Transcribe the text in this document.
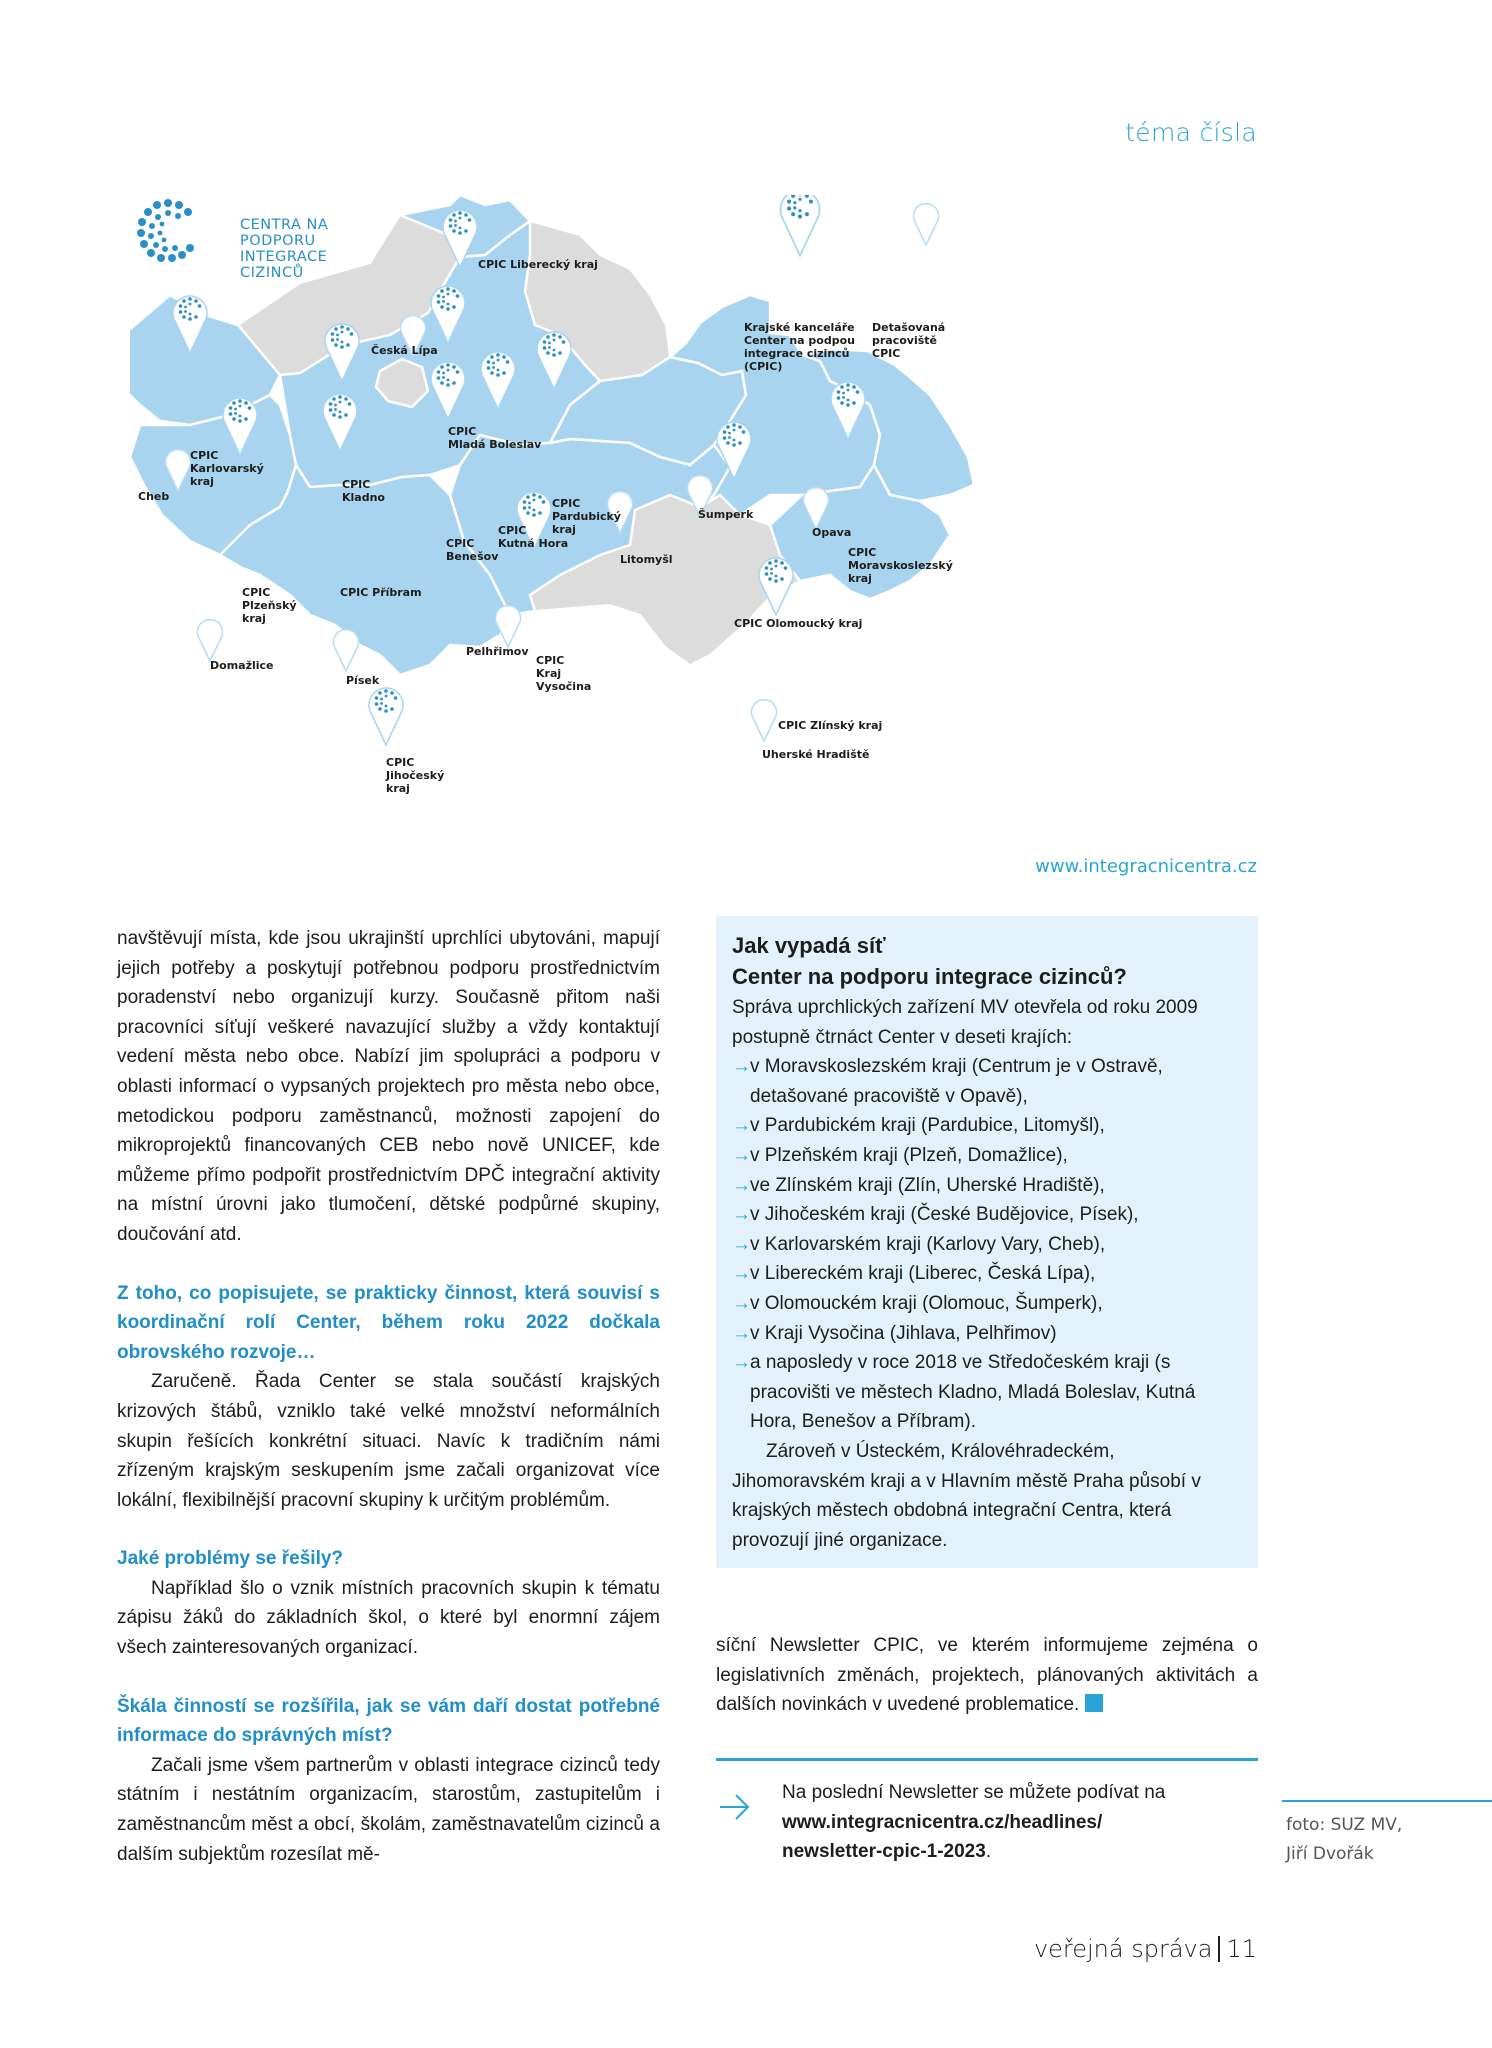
téma čísla
CENTRA NA
PODPORU
INTEGRACE
CIZINCŮ
Krajské kanceláře
Center na podpou
integrace cizinců
(CPIC)
Detašovaná
pracoviště
CPIC
CPIC Liberecký kraj
Česká Lípa
CPIC
Mladá Boleslav
CPIC
Karlovarský
kraj
Cheb
CPIC
Kladno	CPIC
Pardubický
kraj
CPIC
Benešov
CPIC
Kutná Hora
Litomyšl
Šumperk
Opava
CPIC
Moravskoslezský
kraj
CPIC
Plzeňský
kraj
CPIC Příbram
CPIC Olomoucký kraj
Domažlice
Písek
Pelhřimov
CPIC
Kraj
Vysočina
CPIC Zlínský kraj
Uherské Hradiště
CPIC
Jihočeský
kraj
www.integracnicentra.cz

navštěvují místa, kde jsou ukrajinští uprchlíci ubytováni, mapují jejich potřeby a poskytují potřebnou podporu prostřednictvím poradenství nebo organizují kurzy. Současně přitom naši pracovníci síťují veškeré navazující služby a vždy kontaktují vedení města nebo obce. Nabízí jim spolupráci a podporu v oblasti informací o vypsaných projektech pro města nebo obce, metodickou podporu zaměstnanců, možnosti zapojení do mikroprojektů financovaných CEB nebo nově UNICEF, kde můžeme přímo podpořit prostřednictvím DPČ integrační aktivity na místní úrovni jako tlumočení, dětské podpůrné skupiny, doučování atd.

Z toho, co popisujete, se prakticky činnost, která souvisí s koordinační rolí Center, během roku 2022 dočkala obrovského rozvoje…

Zaručeně. Řada Center se stala součástí krajských krizových štábů, vzniklo také velké množství neformálních skupin řešících konkrétní situaci. Navíc k tradičním námi zřízeným krajským seskupením jsme začali organizovat více lokální, flexibilnější pracovní skupiny k určitým problémům.

Jaké problémy se řešily?

Například šlo o vznik místních pracovních skupin k tématu zápisu žáků do základních škol, o které byl enormní zájem všech zainteresovaných organizací.

Škála činností se rozšířila, jak se vám daří dostat potřebné informace do správných míst?

Začali jsme všem partnerům v oblasti integrace cizinců tedy státním i nestátním organizacím, starostům, zastupitelům i zaměstnancům měst a obcí, školám, zaměstnavatelům cizinců a dalším subjektům rozesílat mě-

Jak vypadá síť
Center na podporu integrace cizinců?

Správa uprchlických zařízení MV otevřela od roku 2009 postupně čtrnáct Center v deseti krajích:

→ v Moravskoslezském kraji (Centrum je v Ostravě, detašované pracoviště v Opavě),
→ v Pardubickém kraji (Pardubice, Litomyšl),
→ v Plzeňském kraji (Plzeň, Domažlice),
→ ve Zlínském kraji (Zlín, Uherské Hradiště),
→ v Jihočeském kraji (České Budějovice, Písek),
→ v Karlovarském kraji (Karlovy Vary, Cheb),
→ v Libereckém kraji (Liberec, Česká Lípa),
→ v Olomouckém kraji (Olomouc, Šumperk),
→ v Kraji Vysočina (Jihlava, Pelhřimov)
→ a naposledy v roce 2018 ve Středočeském kraji (s pracovišti ve městech Kladno, Mladá Boleslav, Kutná Hora, Benešov a Příbram).

Zároveň v Ústeckém, Královéhradeckém, Jihomoravském kraji a v Hlavním městě Praha působí v krajských městech obdobná integrační Centra, která provozují jiné organizace.

síční Newsletter CPIC, ve kterém informujeme zejména o legislativních změnách, projektech, plánovaných aktivitách a dalších novinkách v uvedené problematice.

Na poslední Newsletter se můžete podívat na www.integracnicentra.cz/headlines/
newsletter-cpic-1-2023.
foto: SUZ MV,
Jiří Dvořák
veřejná správa 11
